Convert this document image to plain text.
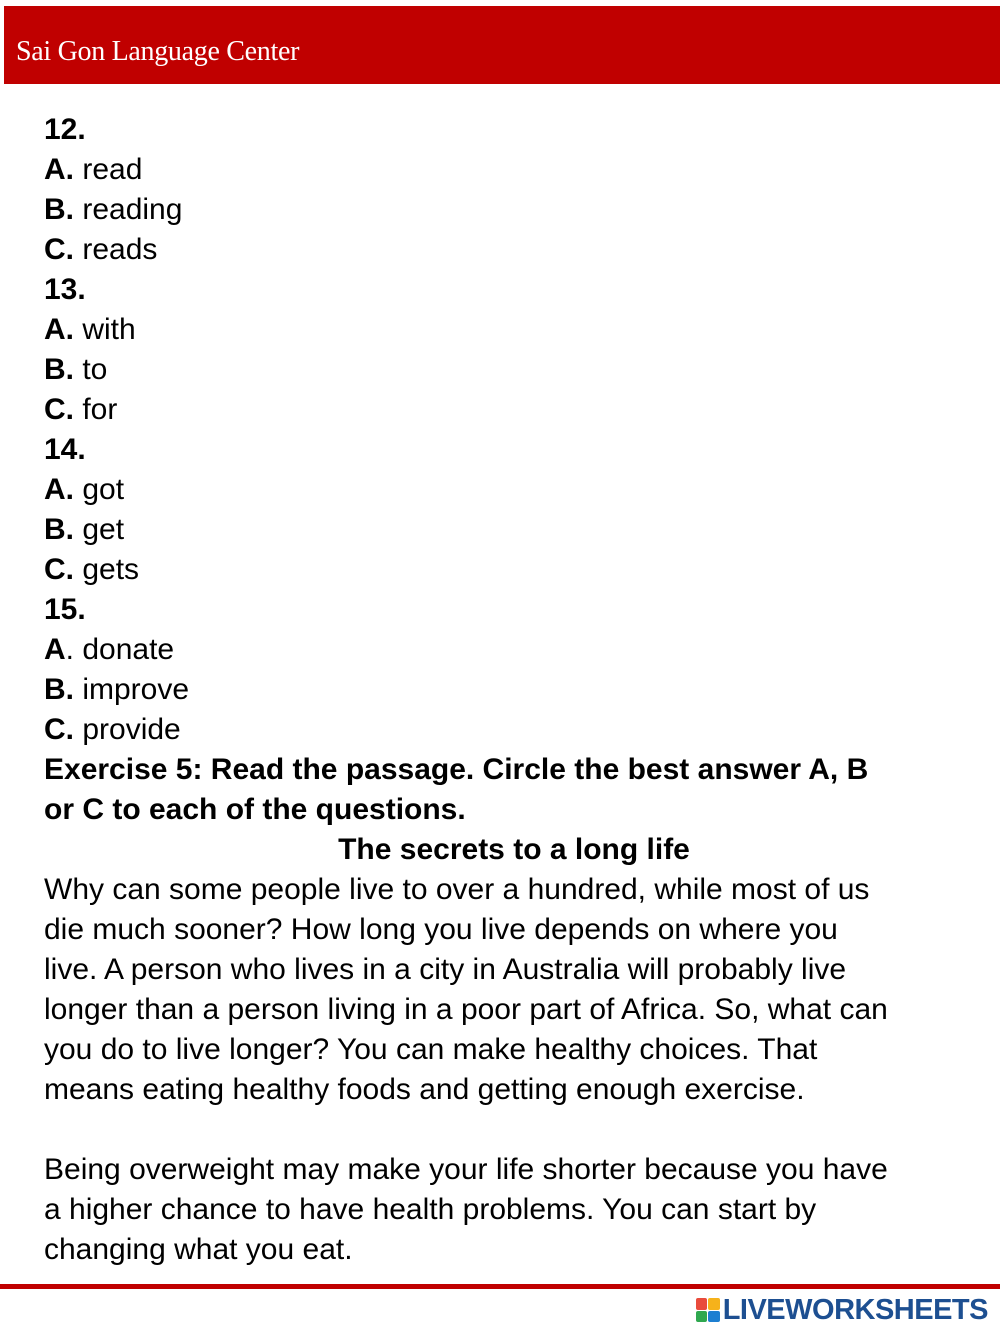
Sai Gon Language Center
12.
A. read
B. reading
C. reads
13.
A. with
B. to
C. for
14.
A. got
B. get
C. gets
15.
A. donate
B. improve
C. provide
Exercise 5: Read the passage. Circle the best answer A, B
or C to each of the questions.
The secrets to a long life
Why can some people live to over a hundred, while most of us
die much sooner? How long you live depends on where you
live. A person who lives in a city in Australia will probably live
longer than a person living in a poor part of Africa. So, what can
you do to live longer? You can make healthy choices. That
means eating healthy foods and getting enough exercise.
Being overweight may make your life shorter because you have
a higher chance to have health problems. You can start by
changing what you eat.
LIVEWORKSHEETS
